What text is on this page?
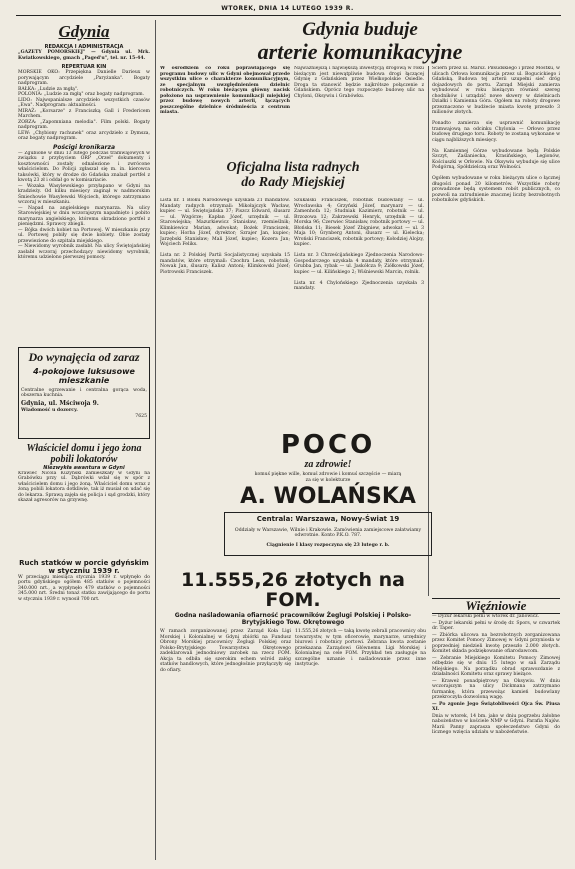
WTOREK, DNIA 14 LUTEGO 1939 R.
Gdynia
REDAKCJA I ADMINISTRACJA

„GAZETY POMORSKIEJ" — Gdynia ul. Mrk. Kwiatkowskiego, gmach „Paged'u", tel. nr. 15-44.

REPERTUAR KIN

MORSKIE OKO: Przepiękna Danielle Darieux w porywającym arcydziele „Paryżanka". Bogaty nadprogram.
BAŁKA: „Ludzie za mgłą".
POLONIA: „Ludzie za mgłą" oraz bogaty nadprogram.
LIDO: Najwspanialsze arcydzieło wszystkich czasów „Ewa". Nadprogram: aktualności.
MIRAŻ: „Korsarze" z Franciszką Gall i Fredericem Marchem.
ZORZA: „Zapomniana melodia". Film polski. Bogaty nadprogram.
LEW: „Chybiony rachunek" oraz arcydzieło z Dymsza, oraz bogaty nadprogram.

Pościgi kronikarza

— Zgubione w dniu 13 lutego podczas tramwajowych w związku z przybyciem ORP „Orzeł" dokumenty i kosztowności zostały odnalezione i zwrócone właścicielom. Do Policji zgłaszał się m. in. kierowca taksówki, który w drodze do Gdańska znalazł portfel z kwotą 23 zł i oddał go w komisariacie.
— Wozaka Wasylewskiego przyłapano w Gdyni na kradzieży. Od kilku miesięcy zaginął w nadmorskim Śmiechowie Wasylewski Wojciech, którego zatrzymano wczoraj w mieszkaniu.
— Napad na angielskiego marynarza. Na ulicy Starowiejskiej w dniu wczorajszym napadnięto i pobito marynarza angielskiego, któremu skradziono portfel z pieniędzmi. Sprawcy zbiegli.
— Bójka dwóch kobiet na Portowej. W mieszkaniu przy ul. Portowej pobiły się dwie kobiety. Obie zostały przewiezione do szpitala miejskiego.
— Niewidomy wyrobnik zasłabł. Na ulicy Świętojańskiej zasłabł wczoraj przechodzący niewidomy wyrobnik, któremu udzielono pierwszej pomocy.

Do wynajęcia od zaraz
4-pokojowe luksusowe mieszkanie

Centralne ogrzewanie i centralna gorąca woda, obszerna kuchnia.

Gdynia, ul. Mściwoja 9.

Wiadomość u dozorcy.

7625

Właściciel domu i jego żona pobili lokatorów
Niezwykła awantura w Gdyni

Krawiec Nicola Kużyński zamieszkały w Gdyni na Grabówku przy ul. Dąbrówki wdał się w spór z właścicielem domu i jego żoną. Właściciel domu wraz z żoną pobili lokatora dotkliwie, tak iż musiał on udać się do lekarza. Sprawą zajęła się policja i sąd grodzki, który skazał agresorów na grzywnę.

Ruch statków w porcie gdyńskim w styczniu 1939 r.

W przeciągu miesiąca stycznia 1939 r. wpłynęło do portu gdyńskiego ogółem 485 statków o pojemności 340.000 nrt., a wypłynęło 479 statków o pojemności 345.000 nrt. Średni tonaż statku zawijającego do portu w styczniu 1939 r. wynosił 700 nrt.

Gdynia buduje
arterie komunikacyjne

W ośrodkiem co roku poprawiającego się programu budowy ulic w Gdyni obejmował przede wszystkim ulice o charakterze komunikacyjnym, ze specjalnym uwzględnieniem dzielnic robotniczych. W roku bieżącym główny nacisk położono na usprawnienie komunikacji miejskiej przez budowę nowych arterii, łączących poszczególne dzielnice śródmieścia z centrum miasta.

Najważniejszą i największą inwestycją drogową w roku bieżącym jest niewątpliwie budowa drogi łączącej Gdynię z Gdańskiem przez Wielkopolskie Osiedle. Droga ta stanowić będzie najkrótsze połączenie z Gdańskiem. Oprócz tego rozpoczęto budowę ulic na Chyloni, Oksywiu i Grabówku.

Ściern przez ul. Marsz. Piłsudskiego i przez Mostku, w ulicach Orłowa komunikacja przez ul. Bogucickiego i Gdańską. Budowa tej arterii uzupełni sieć dróg dojazdowych do portu. Zarząd Miejski zamierza wybudować w roku bieżącym również szereg chodników i urządzić nowe skwery w dzielnicach Działki i Kamienna Góra. Ogółem na roboty drogowe przeznaczono w budżecie miasta kwotę przeszło 3 milionów złotych.

Ponadto zamierza się usprawnić komunikację tramwajową na odcinku Chylonia — Orłowo przez budowę drugiego toru. Roboty te zostaną wykonane w ciągu najbliższych miesięcy.

Na Kamiennej Górze wybudowane będą Polskie Szczyt, Zaślaniecka, Krasińskiego, Legionów, Kościuszki w Orłowie. Na Oksywiu wybuduje się ulice Podgórną, Spółdzielczą oraz Wolności.

Ogółem wybudowane w roku bieżącym ulice o łącznej długości ponad 20 kilometrów. Wszystkie roboty prowadzone będą systemem robót publicznych, co pozwoli na zatrudnienie znacznej liczby bezrobotnych robotników gdyńskich.

Oficjalna lista radnych
do Rady Miejskiej

Lista nr. 1 Bloku Narodowego uzyskała 21 mandatów. Mandaty radnych otrzymali: Mikołajczyk Wacław, kupiec — ul. Świętojańska 37; Piszcz Edward, ślusarz — ul. Wzgórze; Kapłan Józef, urzędnik — ul. Starowiejska; Mazurkiewicz Stanisław, rzemieślnik; Klimkiewicz Marian, adwokat; Bożek Franciszek, kupiec; Horba Józef, dyrektor; Szrajer Jan, kupiec; Jarzębski Stanisław; Mali Józef, kupiec; Kozera Jan; Wojciech Feliks.

Lista nr. 2 Polskiej Partii Socjalistycznej uzyskała 15 mandatów, które otrzymali: Czochra Leon, robotnik; Nowak Jan, ślusarz; Kalisz Antoni; Klimkowski Józef; Piotrowski Franciszek.

Szukalski Franciszek, robotnik budowlany — ul. Wrocławska 4; Grzyński Józef, marynarz — ul. Zamenhofa 12; Studniak Kazimierz, robotnik — ul. Brzozowa 12; Zakrzewski Henryk, urzędnik — ul. Morska 96; Czerwiec Stanisław, robotnik portowy — ul. Błońska 11; Biesek Józef Zbigniew, adwokat — ul. 3 Maja 10; Grynberg Antoni, ślusarz — ul. Kielecka; Wroński Franciszek, robotnik portowy; Kołodziej Alojzy, kupiec.

Lista nr. 3 Chrześcijańskiego Zjednoczenia Narodowo-Gospodarczego uzyskała 4 mandaty, które otrzymali: Grubba Jan, rybak — ul. Jaskółcza 9; Ziółkowski Józef, kupiec — ul. Kilińskiego 2; Wiśniewski Marcin, rolnik.

Lista nr. 4 Chylońskiego Zjednoczenia uzyskała 3 mandaty.

POCO
za zdrowie!

komuś piękne wille, komuś zdrowie i komuś szczęście — miarą za się w kolekturze

A. WOLAŃSKA
Centrala: Warszawa, Nowy-Świat 19

Oddziały w Warszawie, Wilnie i Krakowie. Zamówienia zamiejscowe załatwiamy odwrotnie. Konto P.K.O. 787.

Ciągnienie I klasy rozpoczyna się 23 lutego r. b.

11.555,26 złotych na FOM.
Godna naśladowania ofiarność pracowników Żeglugi Polskiej i Polsko-Brytyjskiego Tow. Okrętowego

W ramach zorganizowanej przez Zarząd Koła Ligi Morskiej i Kolonialnej w Gdyni zbiórki na Fundusz Obrony Morskiej pracownicy Żeglugi Polskiej oraz Polsko-Brytyjskiego Towarzystwa Okrętowego zadeklarowali jednodniowy zarobek na rzecz FOM. Akcja ta odbiła się szerokim echem wśród załóg statków handlowych, które jednogłośnie przyłączyły się do ofiary.

11.555,26 złotych — taką kwotę zebrali pracownicy obu towarzystw, w tym oficerowie, marynarze, urzędnicy biurowi i robotnicy portowi. Zebrana kwota zostanie przekazana Zarządowi Głównemu Ligi Morskiej i Kolonialnej na cele FOM. Przykład ten zasługuje na szczególne uznanie i naśladowanie przez inne instytucje.

Więźniowie

— Dyżur lekarski pełni w wtorek dr. Janowicz.

— Dyżur lekarski pełni w środę dr. Spors, w czwartek dr. Taper.

— Zbiórka ulicowa na bezrobotnych zorganizowana przez Komitet Pomocy Zimowej w Gdyni przyniosła w poprzedniej niedzieli kwotę przeszło 2.000 złotych. Komitet składa podziękowanie ofiarodawcom.

— Zebranie Miejskiego Komitetu Pomocy Zimowej odbędzie się w dniu 15 lutego w sali Zarządu Miejskiego. Na porządku obrad sprawozdanie z działalności Komitetu oraz sprawy bieżące.

— Kraweż ponadpiętrowy na Oksywiu. W dniu wczorajszym na ulicy Dickmana zatrzymano furmankę, która przewożąc kamień budowlany przekroczyła dozwoloną wagę.

— Po zgonie Jego Świątobliwości Ojca Św. Piusa XI.

Dnia w wtorek, 14 bm. jako w dniu pogrzebu żałobne nabożeństwo w kościele NMP w Gdyni. Parafia Najśw. Marii Panny zaprasza społeczeństwo Gdyni do licznego wzięcia udziału w nabożeństwie.
